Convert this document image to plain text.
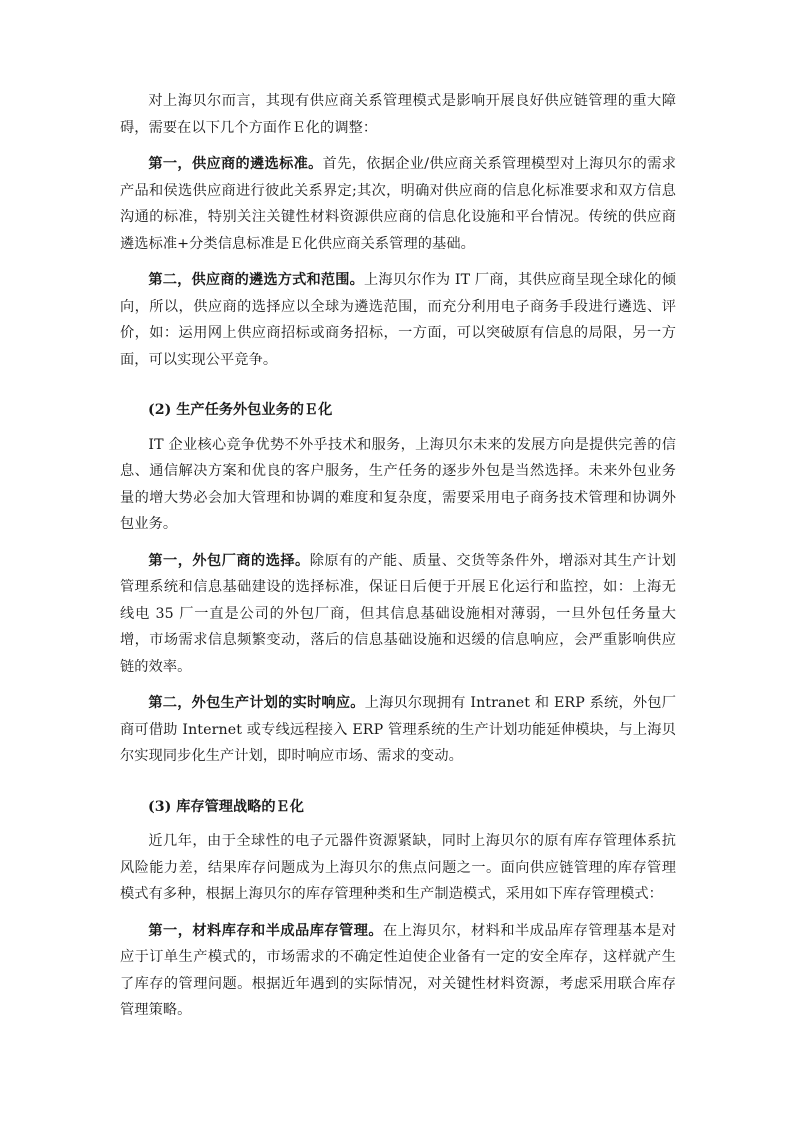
对上海贝尔而言，其现有供应商关系管理模式是影响开展良好供应链管理的重大障碍，需要在以下几个方面作Ｅ化的调整：

第一，供应商的遴选标准。首先，依据企业/供应商关系管理模型对上海贝尔的需求产品和侯选供应商进行彼此关系界定;其次，明确对供应商的信息化标准要求和双方信息沟通的标准，特别关注关键性材料资源供应商的信息化设施和平台情况。传统的供应商遴选标准+分类信息标准是Ｅ化供应商关系管理的基础。

第二，供应商的遴选方式和范围。上海贝尔作为 IT 厂商，其供应商呈现全球化的倾向，所以，供应商的选择应以全球为遴选范围，而充分利用电子商务手段进行遴选、评价，如：运用网上供应商招标或商务招标，一方面，可以突破原有信息的局限，另一方面，可以实现公平竞争。

(2) 生产任务外包业务的Ｅ化

IT 企业核心竞争优势不外乎技术和服务，上海贝尔未来的发展方向是提供完善的信息、通信解决方案和优良的客户服务，生产任务的逐步外包是当然选择。未来外包业务量的增大势必会加大管理和协调的难度和复杂度，需要采用电子商务技术管理和协调外包业务。

第一，外包厂商的选择。除原有的产能、质量、交货等条件外，增添对其生产计划管理系统和信息基础建设的选择标准，保证日后便于开展Ｅ化运行和监控，如：上海无线电 35 厂一直是公司的外包厂商，但其信息基础设施相对薄弱，一旦外包任务量大增，市场需求信息频繁变动，落后的信息基础设施和迟缓的信息响应，会严重影响供应链的效率。

第二，外包生产计划的实时响应。上海贝尔现拥有 Intranet 和 ERP 系统，外包厂商可借助 Internet 或专线远程接入 ERP 管理系统的生产计划功能延伸模块，与上海贝尔实现同步化生产计划，即时响应市场、需求的变动。

(3) 库存管理战略的Ｅ化

近几年，由于全球性的电子元器件资源紧缺，同时上海贝尔的原有库存管理体系抗风险能力差，结果库存问题成为上海贝尔的焦点问题之一。面向供应链管理的库存管理模式有多种，根据上海贝尔的库存管理种类和生产制造模式，采用如下库存管理模式：

第一，材料库存和半成品库存管理。在上海贝尔，材料和半成品库存管理基本是对应于订单生产模式的，市场需求的不确定性迫使企业备有一定的安全库存，这样就产生了库存的管理问题。根据近年遇到的实际情况，对关键性材料资源，考虑采用联合库存管理策略。
